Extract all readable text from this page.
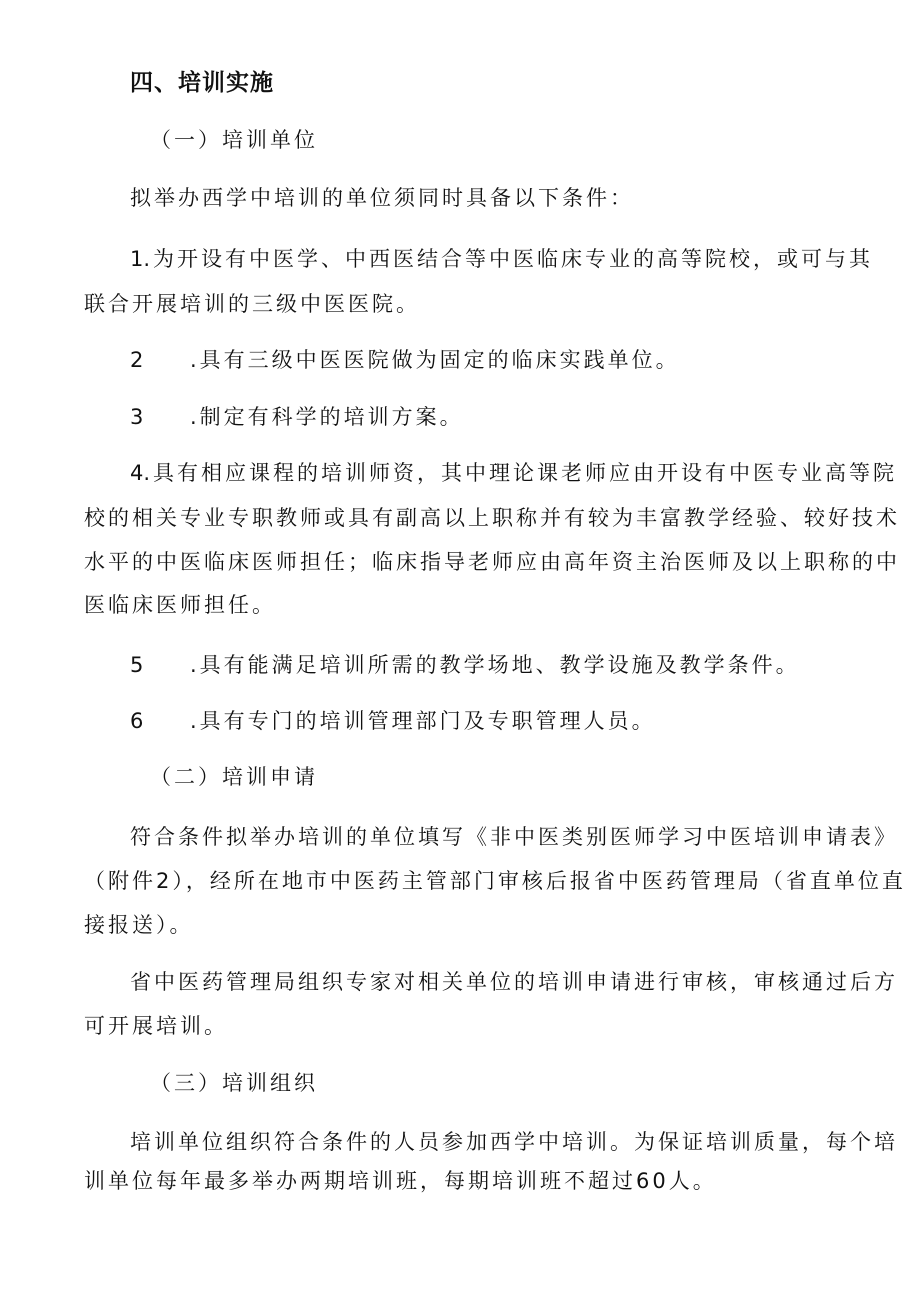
四、培训实施
（一）培训单位
拟举办西学中培训的单位须同时具备以下条件：
1.为开设有中医学、中西医结合等中医临床专业的高等院校，或可与其
联合开展培训的三级中医医院。
2 .具有三级中医医院做为固定的临床实践单位。
3 .制定有科学的培训方案。
4.具有相应课程的培训师资，其中理论课老师应由开设有中医专业高等院
校的相关专业专职教师或具有副高以上职称并有较为丰富教学经验、较好技术
水平的中医临床医师担任；临床指导老师应由高年资主治医师及以上职称的中
医临床医师担任。
5 .具有能满足培训所需的教学场地、教学设施及教学条件。
6 .具有专门的培训管理部门及专职管理人员。
（二）培训申请
符合条件拟举办培训的单位填写《非中医类别医师学习中医培训申请表》
（附件2），经所在地市中医药主管部门审核后报省中医药管理局（省直单位直
接报送）。
省中医药管理局组织专家对相关单位的培训申请进行审核，审核通过后方
可开展培训。
（三）培训组织
培训单位组织符合条件的人员参加西学中培训。为保证培训质量，每个培
训单位每年最多举办两期培训班，每期培训班不超过60人。
